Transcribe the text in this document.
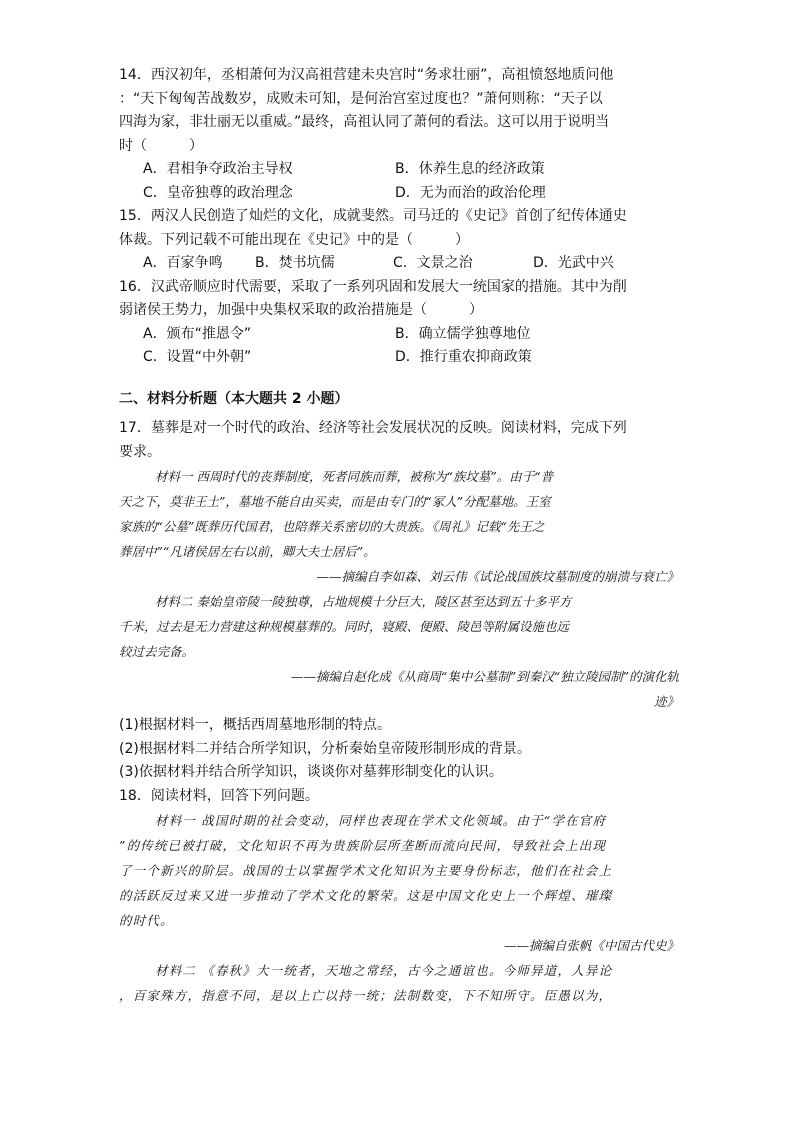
14．西汉初年，丞相萧何为汉高祖营建未央宫时“务求壮丽”，高祖愤怒地质问他
：“天下匈匈苦战数岁，成败未可知，是何治宫室过度也？”萧何则称：“天子以
四海为家，非壮丽无以重威。”最终，高祖认同了萧何的看法。这可以用于说明当
时（　　　）
A．君相争夺政治主导权	B．休养生息的经济政策
C．皇帝独尊的政治理念	D．无为而治的政治伦理
15．两汉人民创造了灿烂的文化，成就斐然。司马迁的《史记》首创了纪传体通史
体裁。下列记载不可能出现在《史记》中的是（　　　）
A．百家争鸣	B．焚书坑儒	C．文景之治	D．光武中兴
16．汉武帝顺应时代需要，采取了一系列巩固和发展大一统国家的措施。其中为削
弱诸侯王势力，加强中央集权采取的政治措施是（　　　）
A．颁布“推恩令”	B．确立儒学独尊地位
C．设置“中外朝”	D．推行重农抑商政策
二、材料分析题（本大题共 2 小题）
17．墓葬是对一个时代的政治、经济等社会发展状况的反映。阅读材料，完成下列
要求。
材料一 西周时代的丧葬制度，死者同族而葬，被称为“族坟墓”。由于“普
天之下，莫非王土”，墓地不能自由买卖，而是由专门的“冢人”分配墓地。王室
家族的“公墓”既葬历代国君，也陪葬关系密切的大贵族。《周礼》记载“先王之
葬居中”“凡诸侯居左右以前，卿大夫士居后”。
——摘编自李如森、刘云伟《试论战国族坟墓制度的崩溃与衰亡》
材料二 秦始皇帝陵一陵独尊，占地规模十分巨大，陵区甚至达到五十多平方
千米，过去是无力营建这种规模墓葬的。同时，寝殿、便殿、陵邑等附属设施也远
较过去完备。
——摘编自赵化成《从商周“集中公墓制”到秦汉“独立陵园制”的演化轨
迹》
(1)根据材料一，概括西周墓地形制的特点。
(2)根据材料二并结合所学知识，分析秦始皇帝陵形制形成的背景。
(3)依据材料并结合所学知识，谈谈你对墓葬形制变化的认识。
18．阅读材料，回答下列问题。
材料一 战国时期的社会变动，同样也表现在学术文化领域。由于“学在官府
”的传统已被打破，文化知识不再为贵族阶层所垄断而流向民间，导致社会上出现
了一个新兴的阶层。战国的士以掌握学术文化知识为主要身份标志，他们在社会上
的活跃反过来又进一步推动了学术文化的繁荣。这是中国文化史上一个辉煌、璀璨
的时代。
——摘编自张帆《中国古代史》
材料二 《春秋》大一统者，天地之常经，古今之通谊也。今师异道，人异论
，百家殊方，指意不同，是以上亡以持一统；法制数变，下不知所守。臣愚以为，
